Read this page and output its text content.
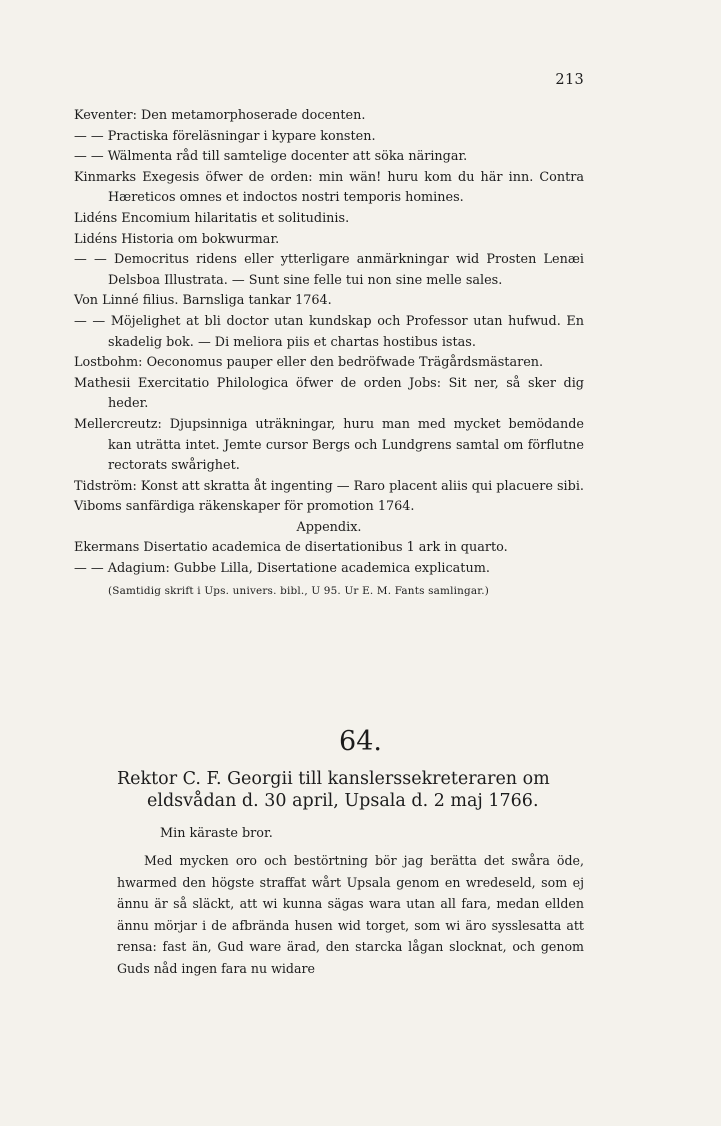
213
Keventer: Den metamorphoserade docenten.
— — Practiska föreläsningar i kypare konsten.
— — Wälmenta råd till samtelige docenter att söka näringar.
Kinmarks Exegesis öfwer de orden: min wän! huru kom du här inn. Contra Hæreticos omnes et indoctos nostri temporis homines.
Lidéns Encomium hilaritatis et solitudinis.
Lidéns Historia om bokwurmar.
— — Democritus ridens eller ytterligare anmärkningar wid Prosten Lenæi Delsboa Illustrata. — Sunt sine felle tui non sine melle sales.
Von Linné filius. Barnsliga tankar 1764.
— — Möjelighet at bli doctor utan kundskap och Professor utan hufwud. En skadelig bok. — Di meliora piis et chartas hostibus istas.
Lostbohm: Oeconomus pauper eller den bedröfwade Trägårdsmästaren.
Mathesii Exercitatio Philologica öfwer de orden Jobs: Sit ner, så sker dig heder.
Mellercreutz: Djupsinniga uträkningar, huru man med mycket bemödande kan uträtta intet. Jemte cursor Bergs och Lundgrens samtal om förflutne rectorats swårighet.
Tidström: Konst att skratta åt ingenting — Raro placent aliis qui placuere sibi.
Viboms sanfärdiga räkenskaper för promotion 1764.
Appendix.
Ekermans Disertatio academica de disertationibus 1 ark in quarto.
— — Adagium: Gubbe Lilla, Disertatione academica explicatum.
(Samtidig skrift i Ups. univers. bibl., U 95. Ur E. M. Fants samlingar.)
64.
Rektor C. F. Georgii till kanslerssekreteraren om eldsvådan d. 30 april, Upsala d. 2 maj 1766.
Min käraste bror.
Med mycken oro och bestörtning bör jag berätta det swåra öde, hwarmed den högste straffat wårt Upsala genom en wredeseld, som ej ännu är så släckt, att wi kunna sägas wara utan all fara, medan ellden ännu mörjar i de afbrända husen wid torget, som wi äro sysslesatta att rensa: fast än, Gud ware ärad, den starcka lågan slocknat, och genom Guds nåd ingen fara nu widare
